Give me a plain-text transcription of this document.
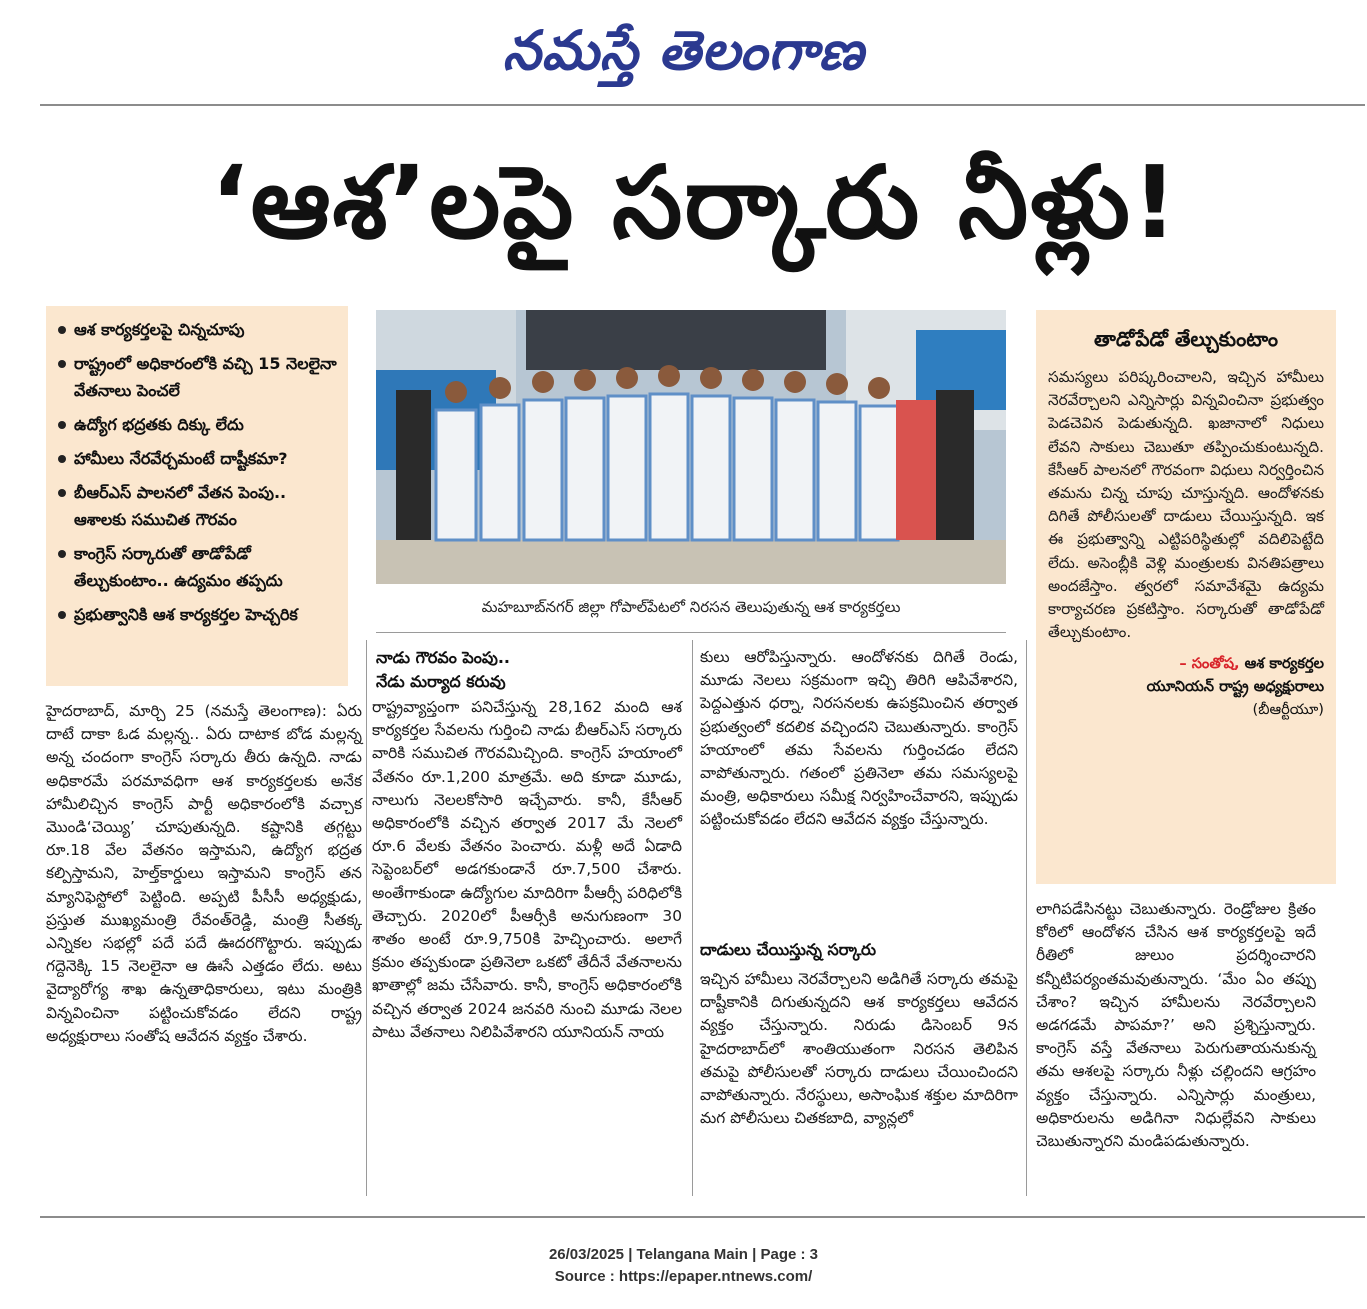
నమస్తే తెలంగాణ
‘ఆశ’లపై సర్కారు నీళ్లు!
ఆశ కార్యకర్తలపై చిన్నచూపు
రాష్ట్రంలో అధికారంలోకి వచ్చి 15 నెలలైనా వేతనాలు పెంచలే
ఉద్యోగ భద్రతకు దిక్కు లేదు
హామీలు నేరవేర్చమంటే దాష్టీకమా?
బీఆర్‌ఎస్ పాలనలో వేతన పెంపు.. ఆశాలకు సముచిత గౌరవం
కాంగ్రెస్ సర్కారుతో తాడోపేడో తేల్చుకుంటాం.. ఉద్యమం తప్పదు
ప్రభుత్వానికి ఆశ కార్యకర్తల హెచ్చరిక	మహబూబ్‌నగర్ జిల్లా గోపాల్‌పేటలో నిరసన తెలుపుతున్న ఆశ కార్యకర్తలు
హైదరాబాద్, మార్చి 25 (నమస్తే తెలంగాణ): ఏరు దాటే దాకా ఓడ మల్లన్న.. ఏరు దాటాక బోడ మల్లన్న అన్న చందంగా కాంగ్రెస్ సర్కారు తీరు ఉన్నది. నాడు అధికారమే పరమావధిగా ఆశ కార్యకర్తలకు అనేక హామీలిచ్చిన కాంగ్రెస్ పార్టీ అధికారంలోకి వచ్చాక మొండి‘చెయ్యి’ చూపుతున్నది. కష్టానికి తగ్గట్టు రూ.18 వేల వేతనం ఇస్తామని, ఉద్యోగ భద్రత కల్పిస్తామని, హెల్త్‌కార్డులు ఇస్తామని కాంగ్రెస్ తన మ్యానిఫెస్టోలో పెట్టింది. అప్పటి పీసీసీ అధ్యక్షుడు, ప్రస్తుత ముఖ్యమంత్రి రేవంత్‌రెడ్డి, మంత్రి సీతక్క ఎన్నికల సభల్లో పదే పదే ఊదరగొట్టారు. ఇప్పుడు గద్దెనెక్కి 15 నెలలైనా ఆ ఊసే ఎత్తడం లేదు. అటు వైద్యారోగ్య శాఖ ఉన్నతాధికారులు, ఇటు మంత్రికి విన్నవించినా పట్టించుకోవడం లేదని రాష్ట్ర అధ్యక్షురాలు సంతోష ఆవేదన వ్యక్తం చేశారు.
నాడు గౌరవం పెంపు..
నేడు మర్యాద కరువు
రాష్ట్రవ్యాప్తంగా పనిచేస్తున్న 28,162 మంది ఆశ కార్యకర్తల సేవలను గుర్తించి నాడు బీఆర్‌ఎస్ సర్కారు వారికి సముచిత గౌరవమిచ్చింది. కాంగ్రెస్ హయాంలో వేతనం రూ.1,200 మాత్రమే. అది కూడా మూడు, నాలుగు నెలలకోసారి ఇచ్చేవారు. కానీ, కేసీఆర్ అధికారంలోకి వచ్చిన తర్వాత 2017 మే నెలలో రూ.6 వేలకు వేతనం పెంచారు. మళ్లీ అదే ఏడాది సెప్టెంబర్‌లో అడగకుండానే రూ.7,500 చేశారు. అంతేగాకుండా ఉద్యోగుల మాదిరిగా పీఆర్సీ పరిధిలోకి తెచ్చారు. 2020లో పీఆర్సీకి అనుగుణంగా 30 శాతం అంటే రూ.9,750కి హెచ్చించారు. అలాగే క్రమం తప్పకుండా ప్రతినెలా ఒకటో తేదీనే వేతనాలను ఖాతాల్లో జమ చేసేవారు. కానీ, కాంగ్రెస్ అధికారంలోకి వచ్చిన తర్వాత 2024 జనవరి నుంచి మూడు నెలల పాటు వేతనాలు నిలిపివేశారని యూనియన్ నాయ
కులు ఆరోపిస్తున్నారు. ఆందోళనకు దిగితే రెండు, మూడు నెలలు సక్రమంగా ఇచ్చి తిరిగి ఆపివేశారని, పెద్దఎత్తున ధర్నా, నిరసనలకు ఉపక్రమించిన తర్వాత ప్రభుత్వంలో కదలిక వచ్చిందని చెబుతున్నారు. కాంగ్రెస్ హయాంలో తమ సేవలను గుర్తించడం లేదని వాపోతున్నారు. గతంలో ప్రతినెలా తమ సమస్యలపై మంత్రి, అధికారులు సమీక్ష నిర్వహించేవారని, ఇప్పుడు పట్టించుకోవడం లేదని ఆవేదన వ్యక్తం చేస్తున్నారు.
దాడులు చేయిస్తున్న సర్కారు
ఇచ్చిన హామీలు నెరవేర్చాలని అడిగితే సర్కారు తమపై దాష్టీకానికి దిగుతున్నదని ఆశ కార్యకర్తలు ఆవేదన వ్యక్తం చేస్తున్నారు. నిరుడు డిసెంబర్ 9న హైదరాబాద్‌లో శాంతియుతంగా నిరసన తెలిపిన తమపై పోలీసులతో సర్కారు దాడులు చేయించిందని వాపోతున్నారు. నేరస్థులు, అసాంఘిక శక్తుల మాదిరిగా మగ పోలీసులు చితకబాది, వ్యాన్లలో
తాడోపేడో తేల్చుకుంటాం
సమస్యలు పరిష్కరించాలని, ఇచ్చిన హామీలు నెరవేర్చాలని ఎన్నిసార్లు విన్నవించినా ప్రభుత్వం పెడచెవిన పెడుతున్నది. ఖజానాలో నిధులు లేవని సాకులు చెబుతూ తప్పించుకుంటున్నది. కేసీఆర్ పాలనలో గౌరవంగా విధులు నిర్వర్తించిన తమను చిన్న చూపు చూస్తున్నది. ఆందోళనకు దిగితే పోలీసులతో దాడులు చేయిస్తున్నది. ఇక ఈ ప్రభుత్వాన్ని ఎట్టిపరిస్థితుల్లో వదిలిపెట్టేది లేదు. అసెంబ్లీకి వెళ్లి మంత్రులకు వినతిపత్రాలు అందజేస్తాం. త్వరలో సమావేశమై ఉద్యమ కార్యాచరణ ప్రకటిస్తాం. సర్కారుతో తాడోపేడో తేల్చుకుంటాం.
– సంతోష, ఆశ కార్యకర్తల
యూనియన్ రాష్ట్ర అధ్యక్షురాలు
(బీఆర్టీయూ)
లాగిపడేసినట్టు చెబుతున్నారు. రెండ్రోజుల క్రితం కోఠిలో ఆందోళన చేసిన ఆశ కార్యకర్తలపై ఇదే రీతిలో జులుం ప్రదర్శించారని కన్నీటిపర్యంతమవుతున్నారు. ‘మేం ఏం తప్పు చేశాం? ఇచ్చిన హామీలను నెరవేర్చాలని అడగడమే పాపమా?’ అని ప్రశ్నిస్తున్నారు. కాంగ్రెస్ వస్తే వేతనాలు పెరుగుతాయనుకున్న తమ ఆశలపై సర్కారు నీళ్లు చల్లిందని ఆగ్రహం వ్యక్తం చేస్తున్నారు. ఎన్నిసార్లు మంత్రులు, అధికారులను అడిగినా నిధుల్లేవని సాకులు చెబుతున్నారని మండిపడుతున్నారు.
26/03/2025 | Telangana Main | Page : 3
Source : https://epaper.ntnews.com/
